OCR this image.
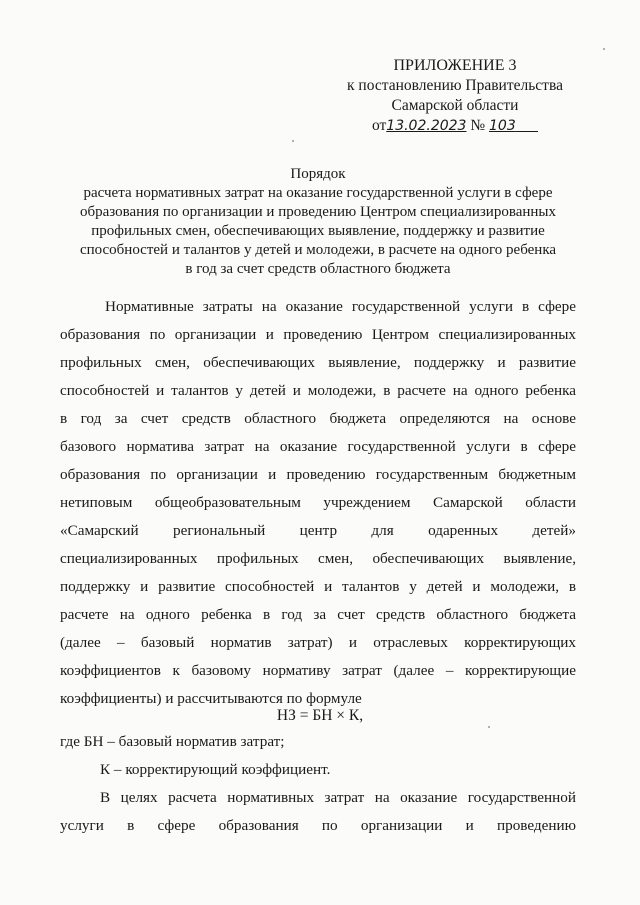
ПРИЛОЖЕНИЕ 3
к постановлению Правительства
Самарской области
от13.02.2023 № 103
Порядок
расчета нормативных затрат на оказание государственной услуги в сфере
образования по организации и проведению Центром специализированных
профильных смен, обеспечивающих выявление, поддержку и развитие
способностей и талантов у детей и молодежи, в расчете на одного ребенка
в год за счет средств областного бюджета
Нормативные затраты на оказание государственной услуги в сфере
образования по организации и проведению Центром специализированных
профильных смен, обеспечивающих выявление, поддержку и развитие
способностей и талантов у детей и молодежи, в расчете на одного ребенка
в год за счет средств областного бюджета определяются на основе
базового норматива затрат на оказание государственной услуги в сфере
образования по организации и проведению государственным бюджетным
нетиповым общеобразовательным учреждением Самарской области
«Самарский региональный центр для одаренных детей»
специализированных профильных смен, обеспечивающих выявление,
поддержку и развитие способностей и талантов у детей и молодежи, в
расчете на одного ребенка в год за счет средств областного бюджета
(далее – базовый норматив затрат) и отраслевых корректирующих
коэффициентов к базовому нормативу затрат (далее – корректирующие
коэффициенты) и рассчитываются по формуле
НЗ = БН × К,
где БН – базовый норматив затрат;
К – корректирующий коэффициент.
В целях расчета нормативных затрат на оказание государственной
услуги в сфере образования по организации и проведению
